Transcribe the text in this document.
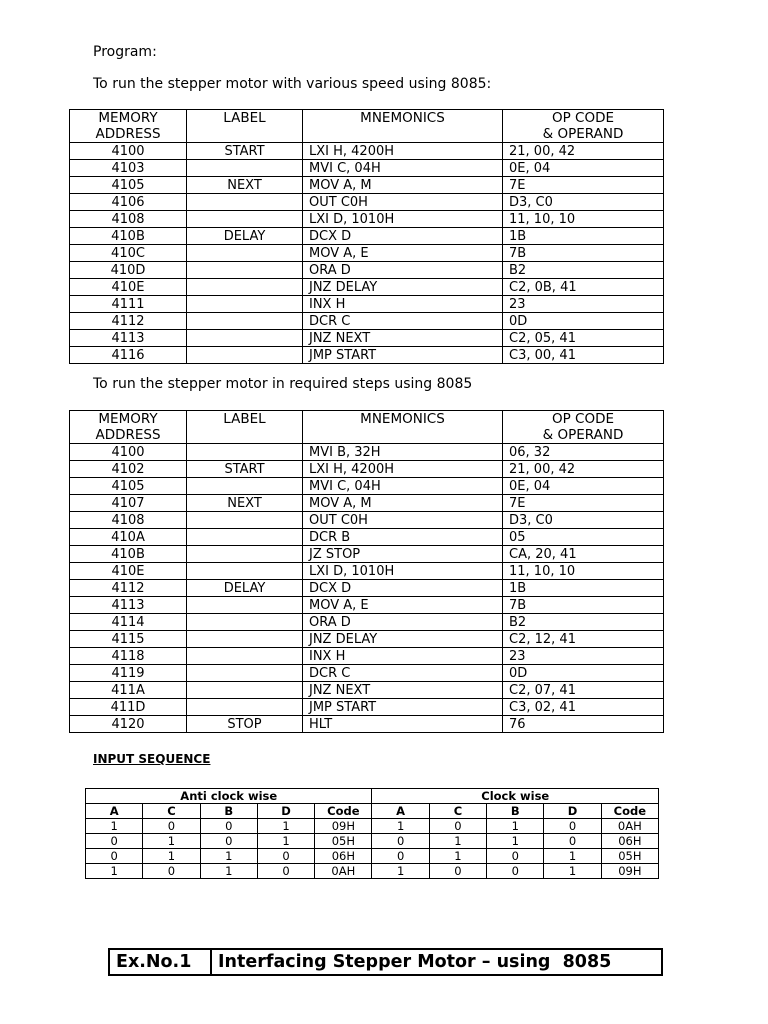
Program:
To run the stepper motor with various speed using 8085:
MEMORY
ADDRESS	LABEL	MNEMONICS	OP CODE
& OPERAND
4100	START	LXI H, 4200H	21, 00, 42
4103		MVI C, 04H	0E, 04
4105	NEXT	MOV A, M	7E
4106		OUT C0H	D3, C0
4108		LXI D, 1010H	11, 10, 10
410B	DELAY	DCX D	1B
410C		MOV A, E	7B
410D		ORA D	B2
410E		JNZ DELAY	C2, 0B, 41
4111		INX H	23
4112		DCR C	0D
4113		JNZ NEXT	C2, 05, 41
4116		JMP START	C3, 00, 41
To run the stepper motor in required steps using 8085
MEMORY
ADDRESS	LABEL	MNEMONICS	OP CODE
& OPERAND
4100		MVI B, 32H	06, 32
4102	START	LXI H, 4200H	21, 00, 42
4105		MVI C, 04H	0E, 04
4107	NEXT	MOV A, M	7E
4108		OUT C0H	D3, C0
410A		DCR B	05
410B		JZ STOP	CA, 20, 41
410E		LXI D, 1010H	11, 10, 10
4112	DELAY	DCX D	1B
4113		MOV A, E	7B
4114		ORA D	B2
4115		JNZ DELAY	C2, 12, 41
4118		INX H	23
4119		DCR C	0D
411A		JNZ NEXT	C2, 07, 41
411D		JMP START	C3, 02, 41
4120	STOP	HLT	76
INPUT SEQUENCE
Anti clock wise					Clock wise				
A	C	B	D	Code	A	C	B	D	Code
1	0	0	1	09H	1	0	1	0	0AH
0	1	0	1	05H	0	1	1	0	06H
0	1	1	0	06H	0	1	0	1	05H
1	0	1	0	0AH	1	0	0	1	09H
Ex.No.1	Interfacing Stepper Motor – using  8085
